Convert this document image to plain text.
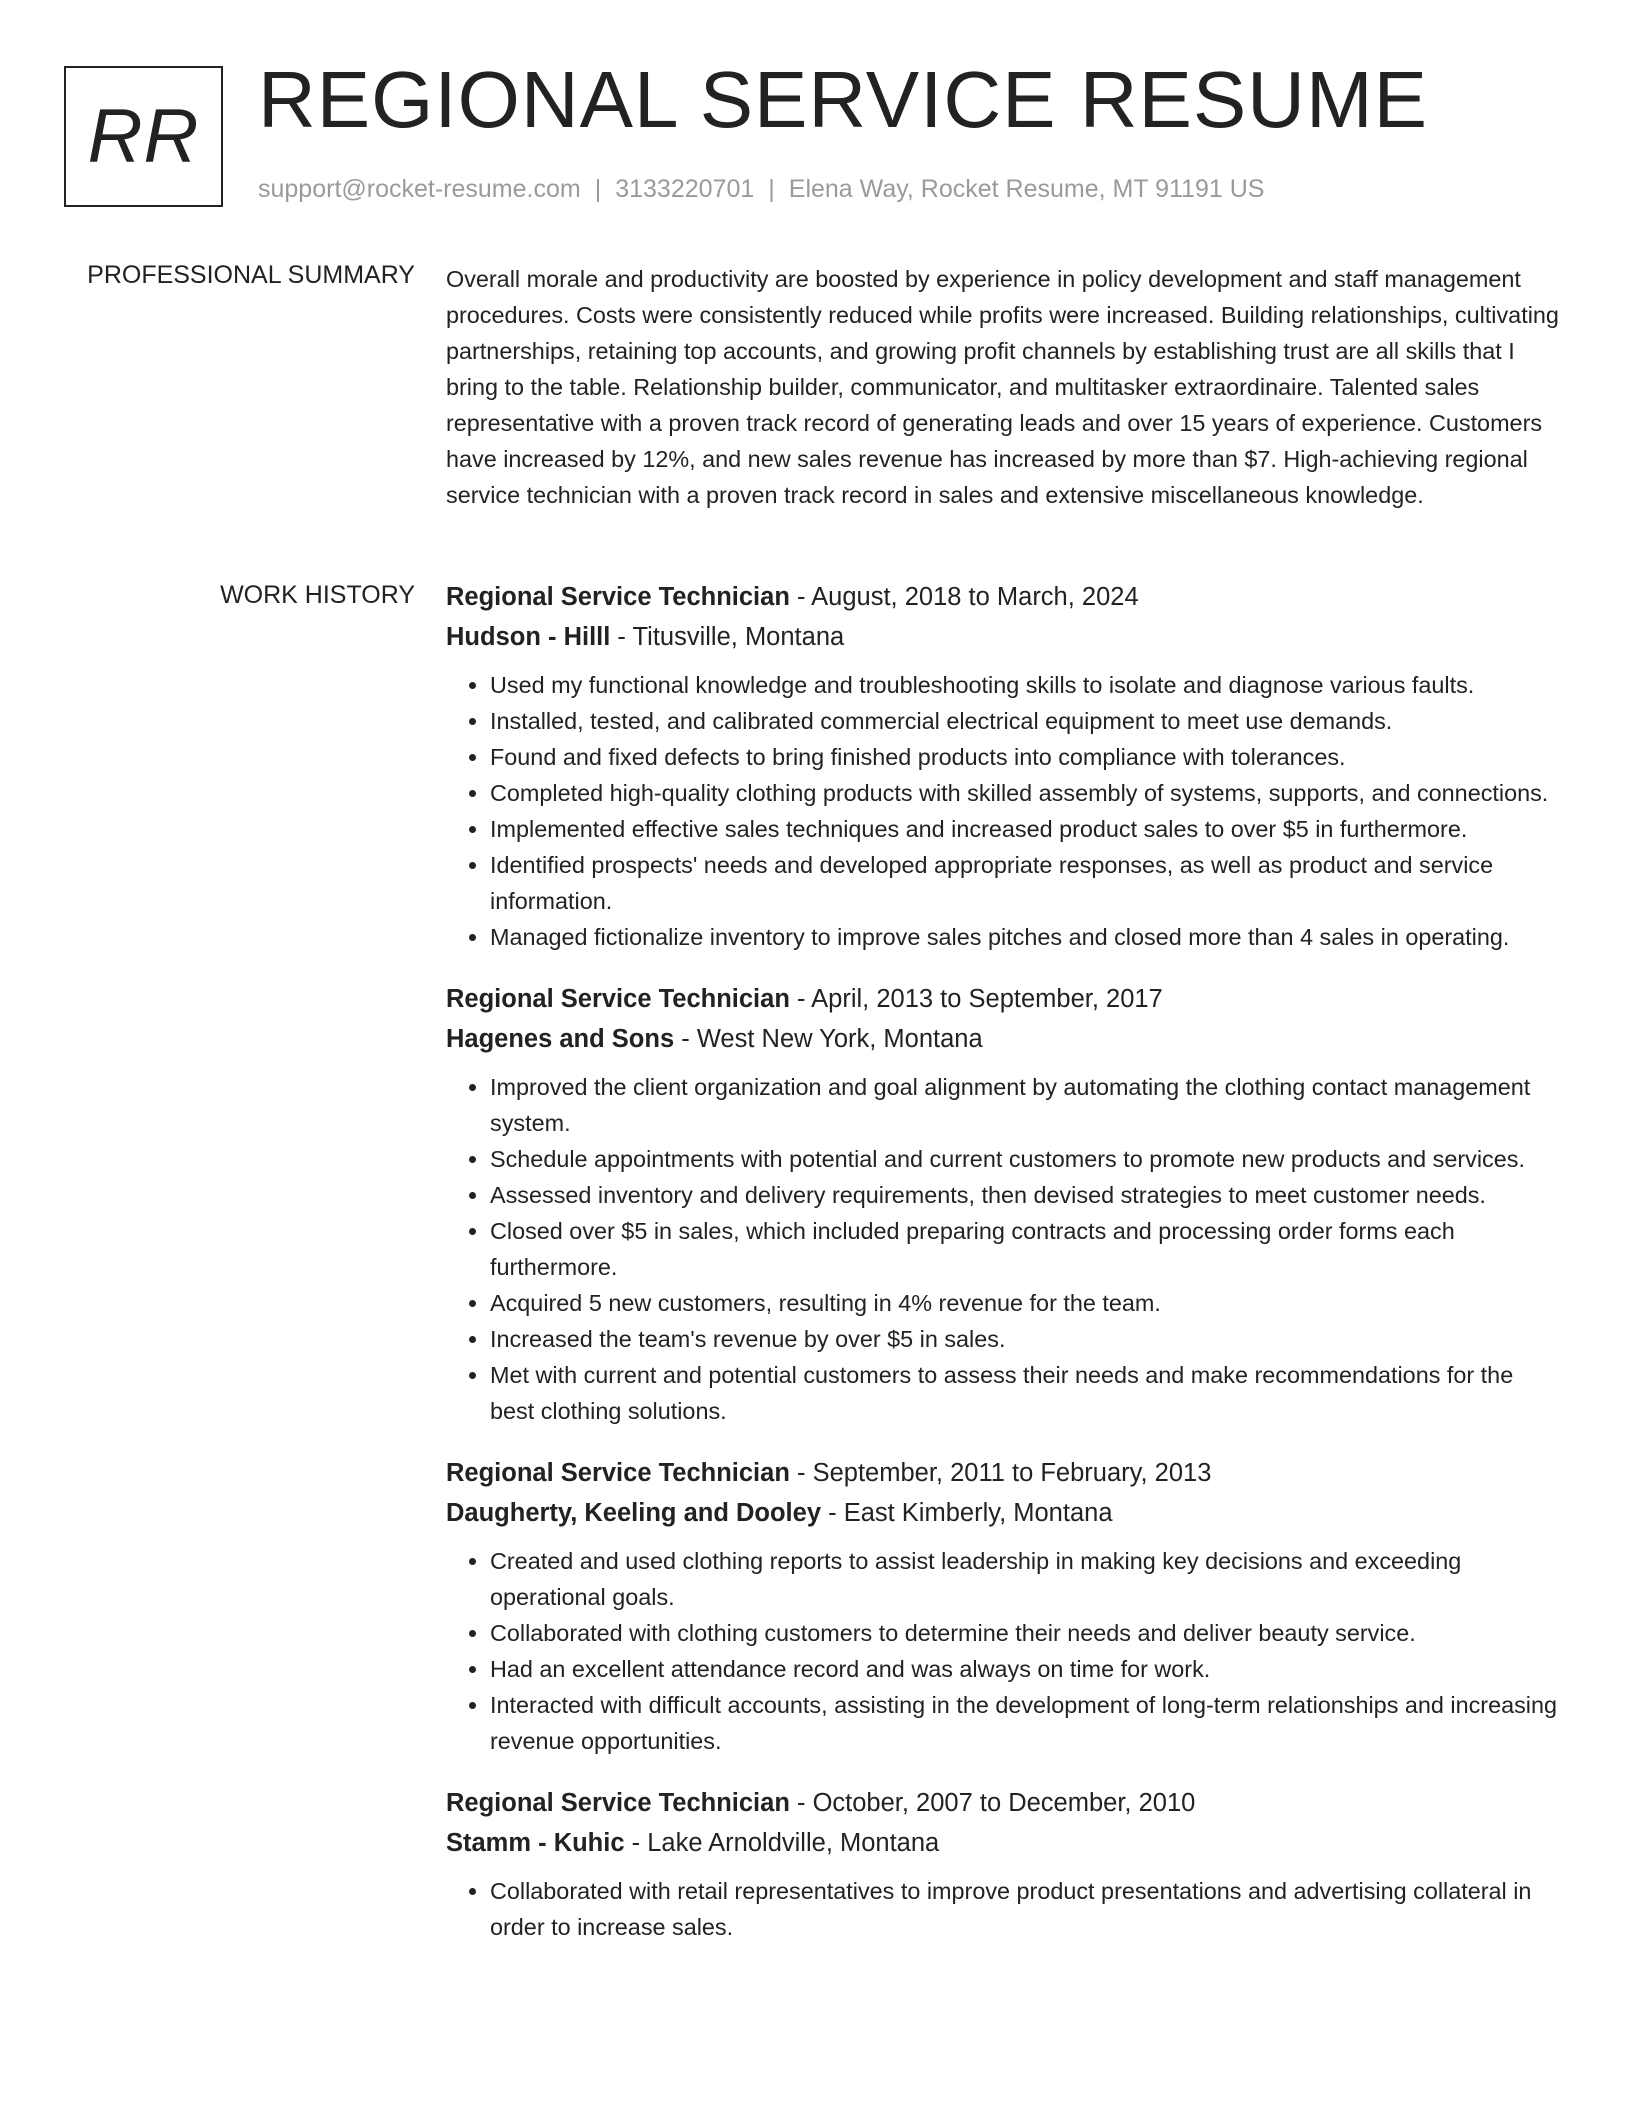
RR REGIONAL SERVICE RESUME
support@rocket-resume.com | 3133220701 | Elena Way, Rocket Resume, MT 91191 US
PROFESSIONAL SUMMARY Overall morale and productivity are boosted by experience in policy development and staff management procedures. Costs were consistently reduced while profits were increased. Building relationships, cultivating partnerships, retaining top accounts, and growing profit channels by establishing trust are all skills that I bring to the table. Relationship builder, communicator, and multitasker extraordinaire. Talented sales representative with a proven track record of generating leads and over 15 years of experience. Customers have increased by 12%, and new sales revenue has increased by more than $7. High-achieving regional service technician with a proven track record in sales and extensive miscellaneous knowledge.

WORK HISTORY Regional Service Technician - August, 2018 to March, 2024
Hudson - Hilll - Titusville, Montana
• Used my functional knowledge and troubleshooting skills to isolate and diagnose various faults.
• Installed, tested, and calibrated commercial electrical equipment to meet use demands.
• Found and fixed defects to bring finished products into compliance with tolerances.
• Completed high-quality clothing products with skilled assembly of systems, supports, and connections.
• Implemented effective sales techniques and increased product sales to over $5 in furthermore.
• Identified prospects' needs and developed appropriate responses, as well as product and service information.
• Managed fictionalize inventory to improve sales pitches and closed more than 4 sales in operating.
Regional Service Technician - April, 2013 to September, 2017
Hagenes and Sons - West New York, Montana
• Improved the client organization and goal alignment by automating the clothing contact management system.
• Schedule appointments with potential and current customers to promote new products and services.
• Assessed inventory and delivery requirements, then devised strategies to meet customer needs.
• Closed over $5 in sales, which included preparing contracts and processing order forms each furthermore.
• Acquired 5 new customers, resulting in 4% revenue for the team.
• Increased the team's revenue by over $5 in sales.
• Met with current and potential customers to assess their needs and make recommendations for the best clothing solutions.
Regional Service Technician - September, 2011 to February, 2013
Daugherty, Keeling and Dooley - East Kimberly, Montana
• Created and used clothing reports to assist leadership in making key decisions and exceeding operational goals.
• Collaborated with clothing customers to determine their needs and deliver beauty service.
• Had an excellent attendance record and was always on time for work.
• Interacted with difficult accounts, assisting in the development of long-term relationships and increasing revenue opportunities.
Regional Service Technician - October, 2007 to December, 2010
Stamm - Kuhic - Lake Arnoldville, Montana
• Collaborated with retail representatives to improve product presentations and advertising collateral in order to increase sales.
